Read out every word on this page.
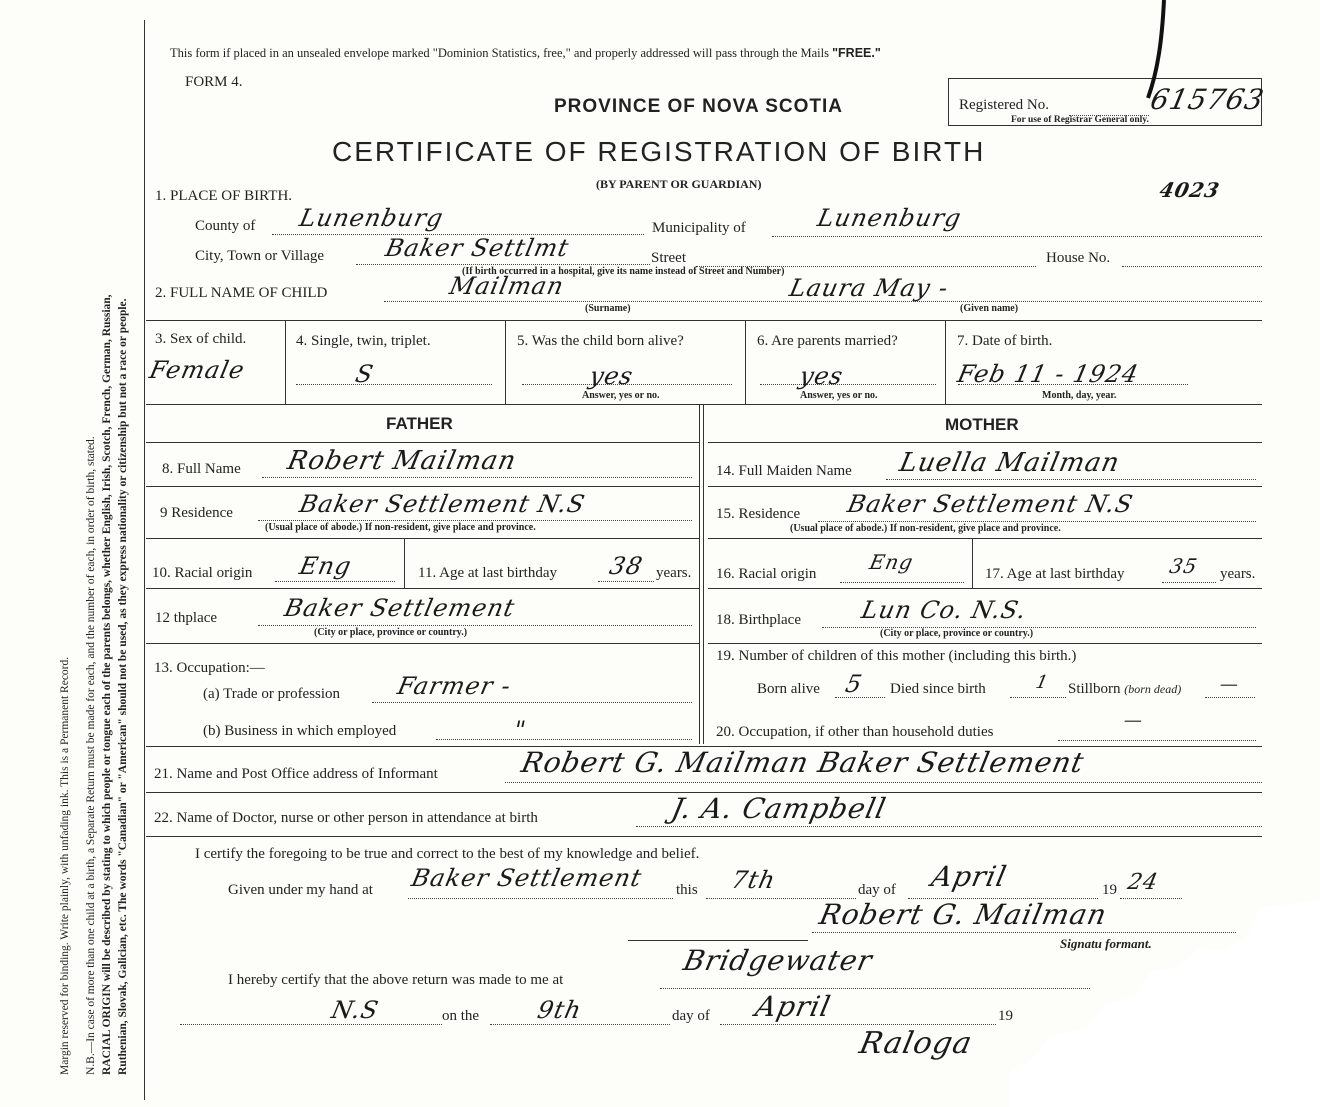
Margin reserved for binding. Write plainly, with unfading ink. This is a Permanent Record. N.B.—In case of more than one child at a birth, a Separate Return must be made for each, and the number of each, in order of birth, stated. RACIAL ORIGIN will be described by stating to which people or tongue each of the parents belongs, whether English, Irish, Scotch, French, German, Russian, Ruthenian, Slovak, Galician, etc. The words "Canadian" or "American" should not be used, as they express nationality or citizenship but not a race or people.
This form if placed in an unsealed envelope marked "Dominion Statistics, free," and properly addressed will pass through the Mails "FREE."
FORM 4.
PROVINCE OF NOVA SCOTIA
CERTIFICATE OF REGISTRATION OF BIRTH
(BY PARENT OR GUARDIAN)
Registered No.	615763
For use of Registrar General only.
4023
1. PLACE OF BIRTH.
County of Lunenburg	Municipality of	Lunenburg
City, Town or Village Baker Settlmt	Street	House No.
(If birth occurred in a hospital, give its name instead of Street and Number)
2. FULL NAME OF CHILD	Mailman	Laura May -
(Surname)	(Given name)
3. Sex of child.
Female
4. Single, twin, triplet.
S
5. Was the child born alive?
yes
Answer, yes or no.
6. Are parents married?
yes
Answer, yes or no.
7. Date of birth.
Feb 11 - 1924
Month, day, year.
FATHER	MOTHER
8. Full Name Robert Mailman
9 Residence	Baker Settlement N.S
(Usual place of abode.) If non-resident, give place and province.
10. Racial origin Eng	11. Age at last birthday 38 years.
12 thplace	Baker Settlement
(City or place, province or country.)
13. Occupation:—
(a) Trade or profession Farmer -
(b) Business in which employed	"
14. Full Maiden Name Luella Mailman
15. Residence Baker Settlement N.S
(Usual place of abode.) If non-resident, give place and province.
16. Racial origin	Eng	17. Age at last birthday 35 years.
18. Birthplace Lun Co. N.S.
(City or place, province or country.)
19. Number of children of this mother (including this birth.)
Born alive 5 Died since birth	1 Stillborn (born dead) —
20. Occupation, if other than household duties
—
21. Name and Post Office address of Informant	Robert G. Mailman Baker Settlement
22. Name of Doctor, nurse or other person in attendance at birth	J. A. Campbell
I certify the foregoing to be true and correct to the best of my knowledge and belief.
Given under my hand at Baker Settlement this 7th	day of April	19 24
Robert G. Mailman
Signatu formant.
I hereby certify that the above return was made to me at
Bridgewater
N.S	on the 9th	day of April	19
Raloga
